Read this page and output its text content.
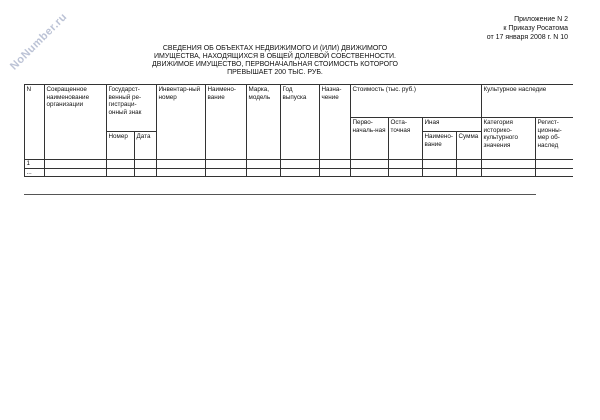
NoNumber.ru	Приложение N 2
к Приказу Росатома
от 17 января 2008 г. N 10
СВЕДЕНИЯ ОБ ОБЪЕКТАХ НЕДВИЖИМОГО И (ИЛИ) ДВИЖИМОГО
ИМУЩЕСТВА, НАХОДЯЩИХСЯ В ОБЩЕЙ ДОЛЕВОЙ СОБСТВЕННОСТИ.
ДВИЖИМОЕ ИМУЩЕСТВО, ПЕРВОНАЧАЛЬНАЯ СТОИМОСТЬ КОТОРОГО
ПРЕВЫШАЕТ 200 ТЫС. РУБ.
N	Сокращенное наименование организации	Государст-венный ре-гистраци-онный знак		Инвентар-ный номер	Наимено-вание	Марка, модель	Год выпуска	Назна-чение	Стоимость (тыс. руб.)				Культурное наследие	
									Перво-началь-ная	Оста-точная	Иная		Категория историко-культурного значения	Регист-ционны-мер об-наслед
		Номер	Дата								Наимено-вание	Сумма		
1														
...														
